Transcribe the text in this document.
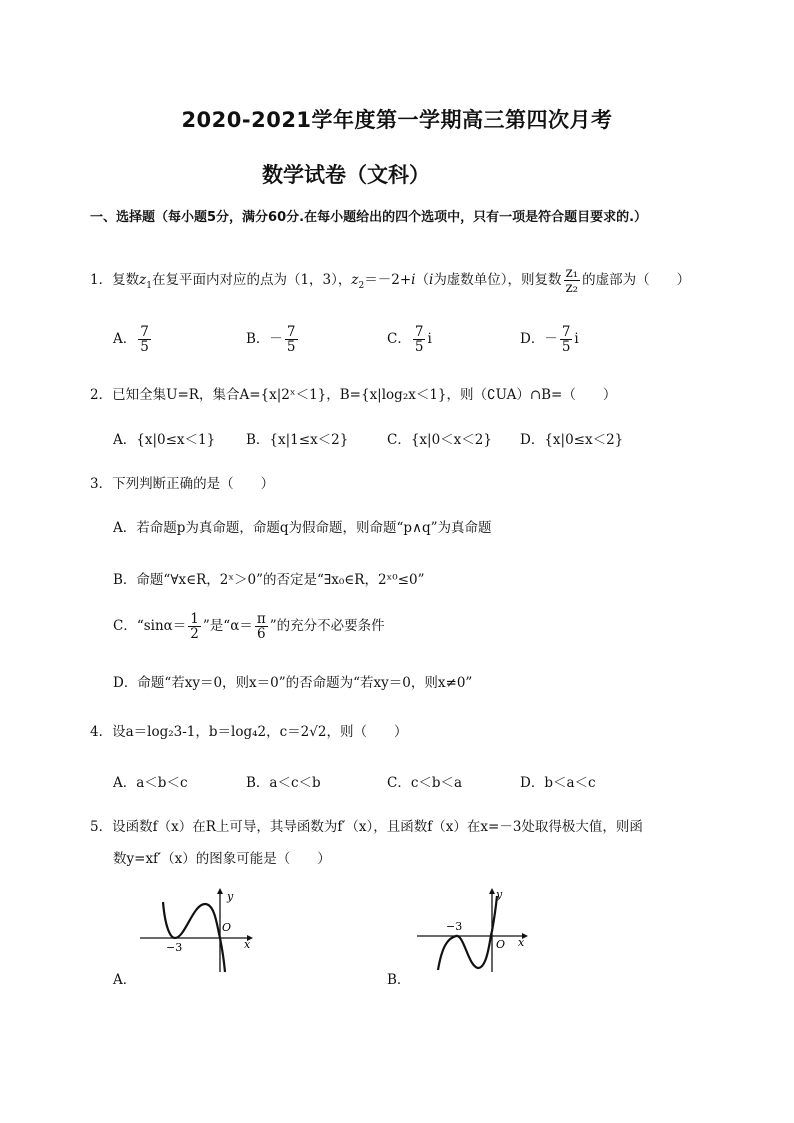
2020-2021学年度第一学期高三第四次月考
数学试卷（文科）
一、选择题（每小题5分，满分60分.在每小题给出的四个选项中，只有一项是符合题目要求的.）
1．复数$z_1$在复平面内对应的点为（1，3），$z_2=-2+i(i$为虚数单位），则复数 $\frac{\text{z₁}}{\text{z₂}}$ 的虚部为（　　）
A． $\frac{7}{5}$	B．－ $\frac{7}{5}$	C． $\frac{7}{5}$ i	D．－ $\frac{7}{5}$ i
2．已知全集U=R，集合A={x|2ˣ＜1}，B={x|log₂x＜1}，则（∁UA）∩B=（　　）
A．{x|0≤x＜1} B．{x|1≤x＜2}	C．{x|0＜x＜2} D．{x|0≤x＜2}
3．下列判断正确的是（　　）
A．若命题p为真命题，命题q为假命题，则命题“p∧q”为真命题
B．命题“∀x∈R，2ˣ＞0”的否定是“∃x₀∈R，2ˣ⁰≤0”
C．“$\sin\alpha= \frac{1}{2}$ ”是“$\alpha= \frac{\pi}{6}$ ”的充分不必要条件
D．命题“若xy＝0，则x＝0”的否命题为“若xy＝0，则x≠0”
4．设a＝log₂3-1，b＝log₄2，c＝2√2，则（　　）
A．a＜b＜c	B．a＜c＜b	C．c＜b＜a	D．b＜a＜c
5．设函数f（x）在R上可导，其导函数为f′（x），且函数f（x）在x=－3处取得极大值，则函
数y=xf′（x）的图象可能是（　　）
y
x
O
−3
A．
y
x
O
−3
B．
